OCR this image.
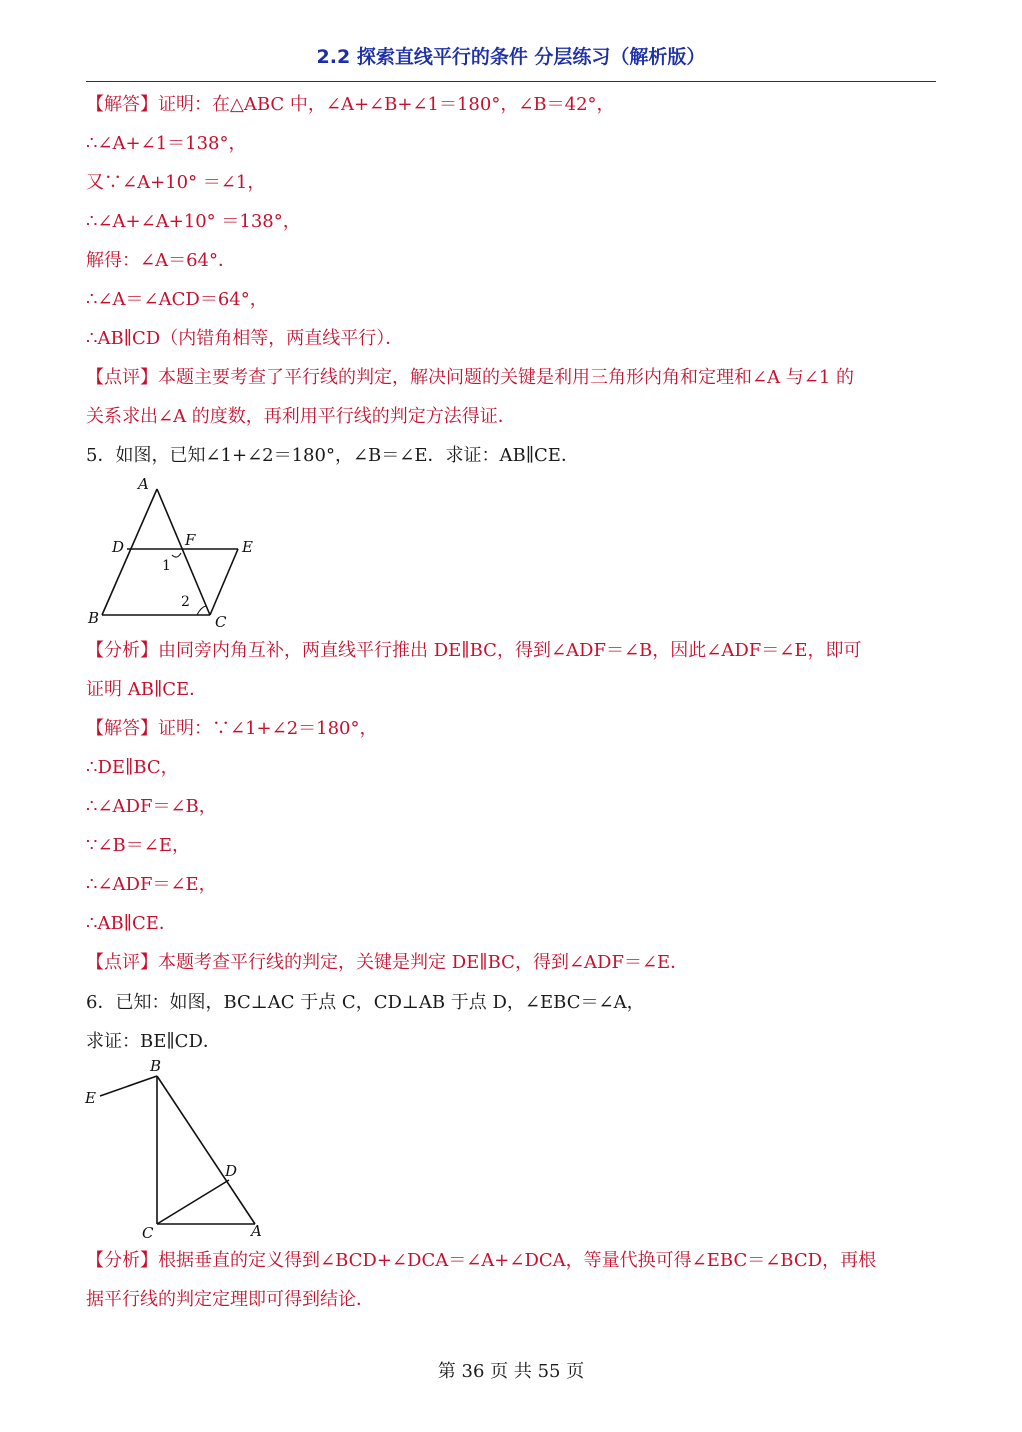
2.2 探索直线平行的条件 分层练习（解析版）
【解答】证明：在△ABC 中，∠A+∠B+∠1＝180°，∠B＝42°，
∴∠A+∠1＝138°，
又∵∠A+10° ＝∠1，
∴∠A+∠A+10° ＝138°，
解得：∠A＝64°．
∴∠A＝∠ACD＝64°，
∴AB∥CD（内错角相等，两直线平行）．
【点评】本题主要考查了平行线的判定，解决问题的关键是利用三角形内角和定理和∠A 与∠1 的
关系求出∠A 的度数，再利用平行线的判定方法得证．
5．如图，已知∠1+∠2＝180°，∠B＝∠E．求证：AB∥CE．
A
D	F	E
1
2
B	C
【分析】由同旁内角互补，两直线平行推出 DE∥BC，得到∠ADF＝∠B，因此∠ADF＝∠E，即可
证明 AB∥CE．
【解答】证明：∵∠1+∠2＝180°，
∴DE∥BC，
∴∠ADF＝∠B，
∵∠B＝∠E，
∴∠ADF＝∠E，
∴AB∥CE．
【点评】本题考查平行线的判定，关键是判定 DE∥BC，得到∠ADF＝∠E．
6．已知：如图，BC⊥AC 于点 C，CD⊥AB 于点 D，∠EBC＝∠A，
求证：BE∥CD．
B
E
D
C	A
【分析】根据垂直的定义得到∠BCD+∠DCA＝∠A+∠DCA，等量代换可得∠EBC＝∠BCD，再根
据平行线的判定定理即可得到结论．
第 36 页 共 55 页
